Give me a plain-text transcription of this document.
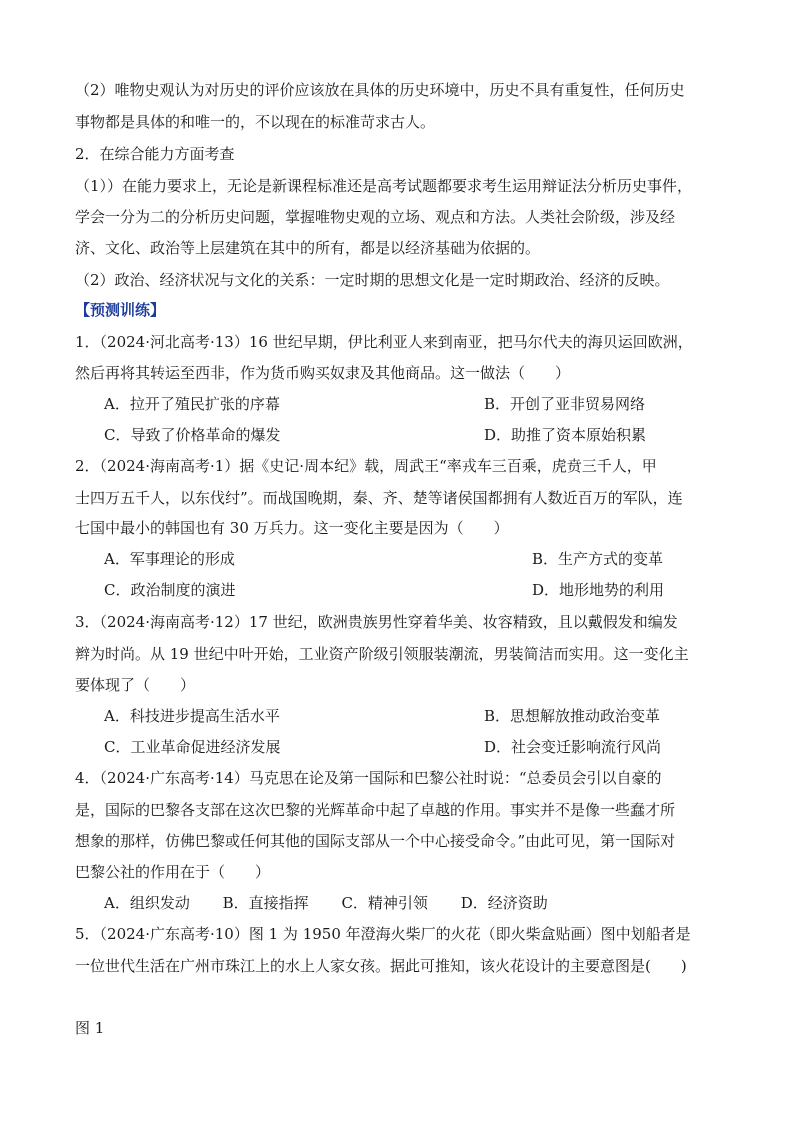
（2）唯物史观认为对历史的评价应该放在具体的历史环境中，历史不具有重复性，任何历史
事物都是具体的和唯一的，不以现在的标准苛求古人。
2．在综合能力方面考查
（1））在能力要求上，无论是新课程标准还是高考试题都要求考生运用辩证法分析历史事件，
学会一分为二的分析历史问题，掌握唯物史观的立场、观点和方法。人类社会阶级，涉及经
济、文化、政治等上层建筑在其中的所有，都是以经济基础为依据的。
（2）政治、经济状况与文化的关系：一定时期的思想文化是一定时期政治、经济的反映。
【预测训练】
1．（2024·河北高考·13）16 世纪早期，伊比利亚人来到南亚，把马尔代夫的海贝运回欧洲，
然后再将其转运至西非，作为货币购买奴隶及其他商品。这一做法（　　）
A．拉开了殖民扩张的序幕	B．开创了亚非贸易网络
C．导致了价格革命的爆发	D．助推了资本原始积累
2．（2024·海南高考·1）据《史记·周本纪》载，周武王“率戎车三百乘，虎贲三千人，甲
士四万五千人，以东伐纣”。而战国晚期，秦、齐、楚等诸侯国都拥有人数近百万的军队，连
七国中最小的韩国也有 30 万兵力。这一变化主要是因为（　　）
A．军事理论的形成	B．生产方式的变革
C．政治制度的演进	D．地形地势的利用
3．（2024·海南高考·12）17 世纪，欧洲贵族男性穿着华美、妆容精致，且以戴假发和编发
辫为时尚。从 19 世纪中叶开始，工业资产阶级引领服装潮流，男装简洁而实用。这一变化主
要体现了（　　）
A．科技进步提高生活水平	B．思想解放推动政治变革
C．工业革命促进经济发展	D．社会变迁影响流行风尚
4．（2024·广东高考·14）马克思在论及第一国际和巴黎公社时说：“总委员会引以自豪的
是，国际的巴黎各支部在这次巴黎的光辉革命中起了卓越的作用。事实并不是像一些蠢才所
想象的那样，仿佛巴黎或任何其他的国际支部从一个中心接受命令。”由此可见，第一国际对
巴黎公社的作用在于（　　）
A．组织发动 B．直接指挥 C．精神引领 D．经济资助
5．（2024·广东高考·10）图 1 为 1950 年澄海火柴厂的火花（即火柴盒贴画）图中划船者是
一位世代生活在广州市珠江上的水上人家女孩。据此可推知，该火花设计的主要意图是(　　)
图 1
